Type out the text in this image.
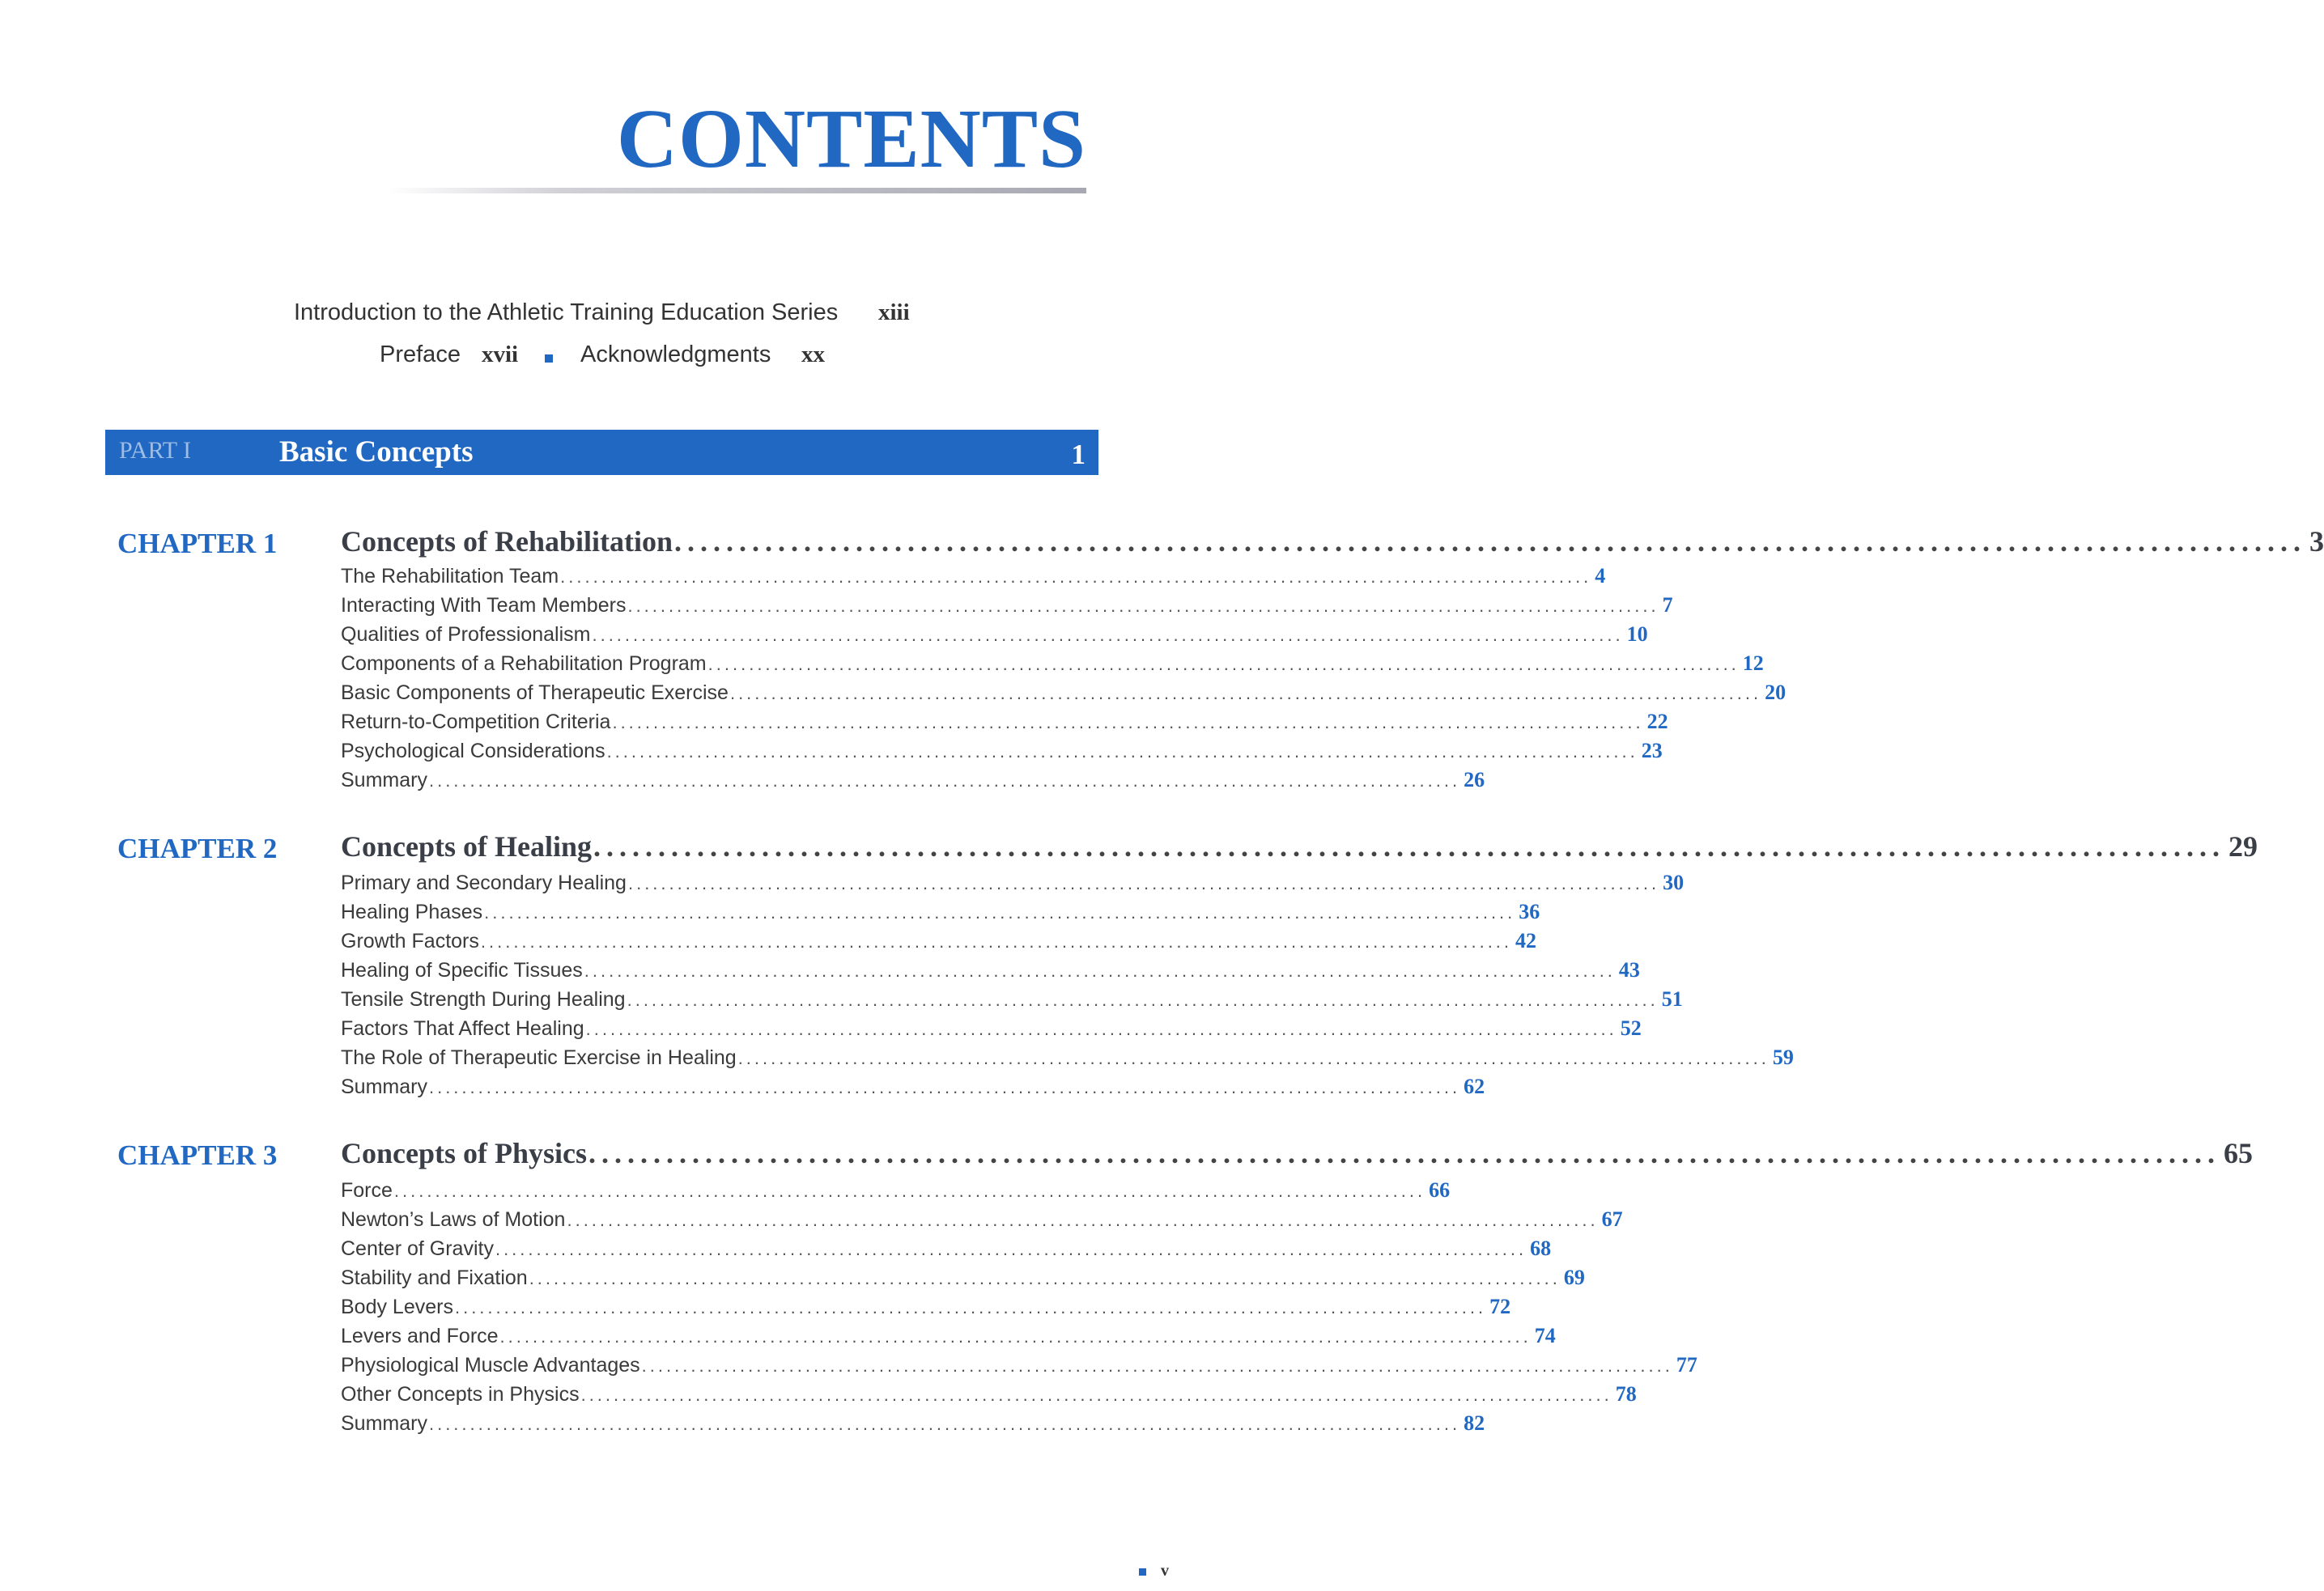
CONTENTS
Introduction to the Athletic Training Education Series xiii
Preface xvii	Acknowledgments xx
PART I	Basic Concepts	1
CHAPTER 1 Concepts of Rehabilitation .............................................................................................................................. 3
The Rehabilitation Team .............................................................................................................................. 4
Interacting With Team Members .............................................................................................................................. 7
Qualities of Professionalism .............................................................................................................................. 10
Components of a Rehabilitation Program .............................................................................................................................. 12
Basic Components of Therapeutic Exercise .............................................................................................................................. 20
Return-to-Competition Criteria .............................................................................................................................. 22
Psychological Considerations .............................................................................................................................. 23
Summary .............................................................................................................................. 26
CHAPTER 2 Concepts of Healing .............................................................................................................................. 29
Primary and Secondary Healing .............................................................................................................................. 30
Healing Phases .............................................................................................................................. 36
Growth Factors .............................................................................................................................. 42
Healing of Specific Tissues .............................................................................................................................. 43
Tensile Strength During Healing .............................................................................................................................. 51
Factors That Affect Healing .............................................................................................................................. 52
The Role of Therapeutic Exercise in Healing .............................................................................................................................. 59
Summary .............................................................................................................................. 62
CHAPTER 3 Concepts of Physics .............................................................................................................................. 65
Force .............................................................................................................................. 66
Newton’s Laws of Motion .............................................................................................................................. 67
Center of Gravity .............................................................................................................................. 68
Stability and Fixation .............................................................................................................................. 69
Body Levers .............................................................................................................................. 72
Levers and Force .............................................................................................................................. 74
Physiological Muscle Advantages .............................................................................................................................. 77
Other Concepts in Physics .............................................................................................................................. 78
Summary .............................................................................................................................. 82
v
